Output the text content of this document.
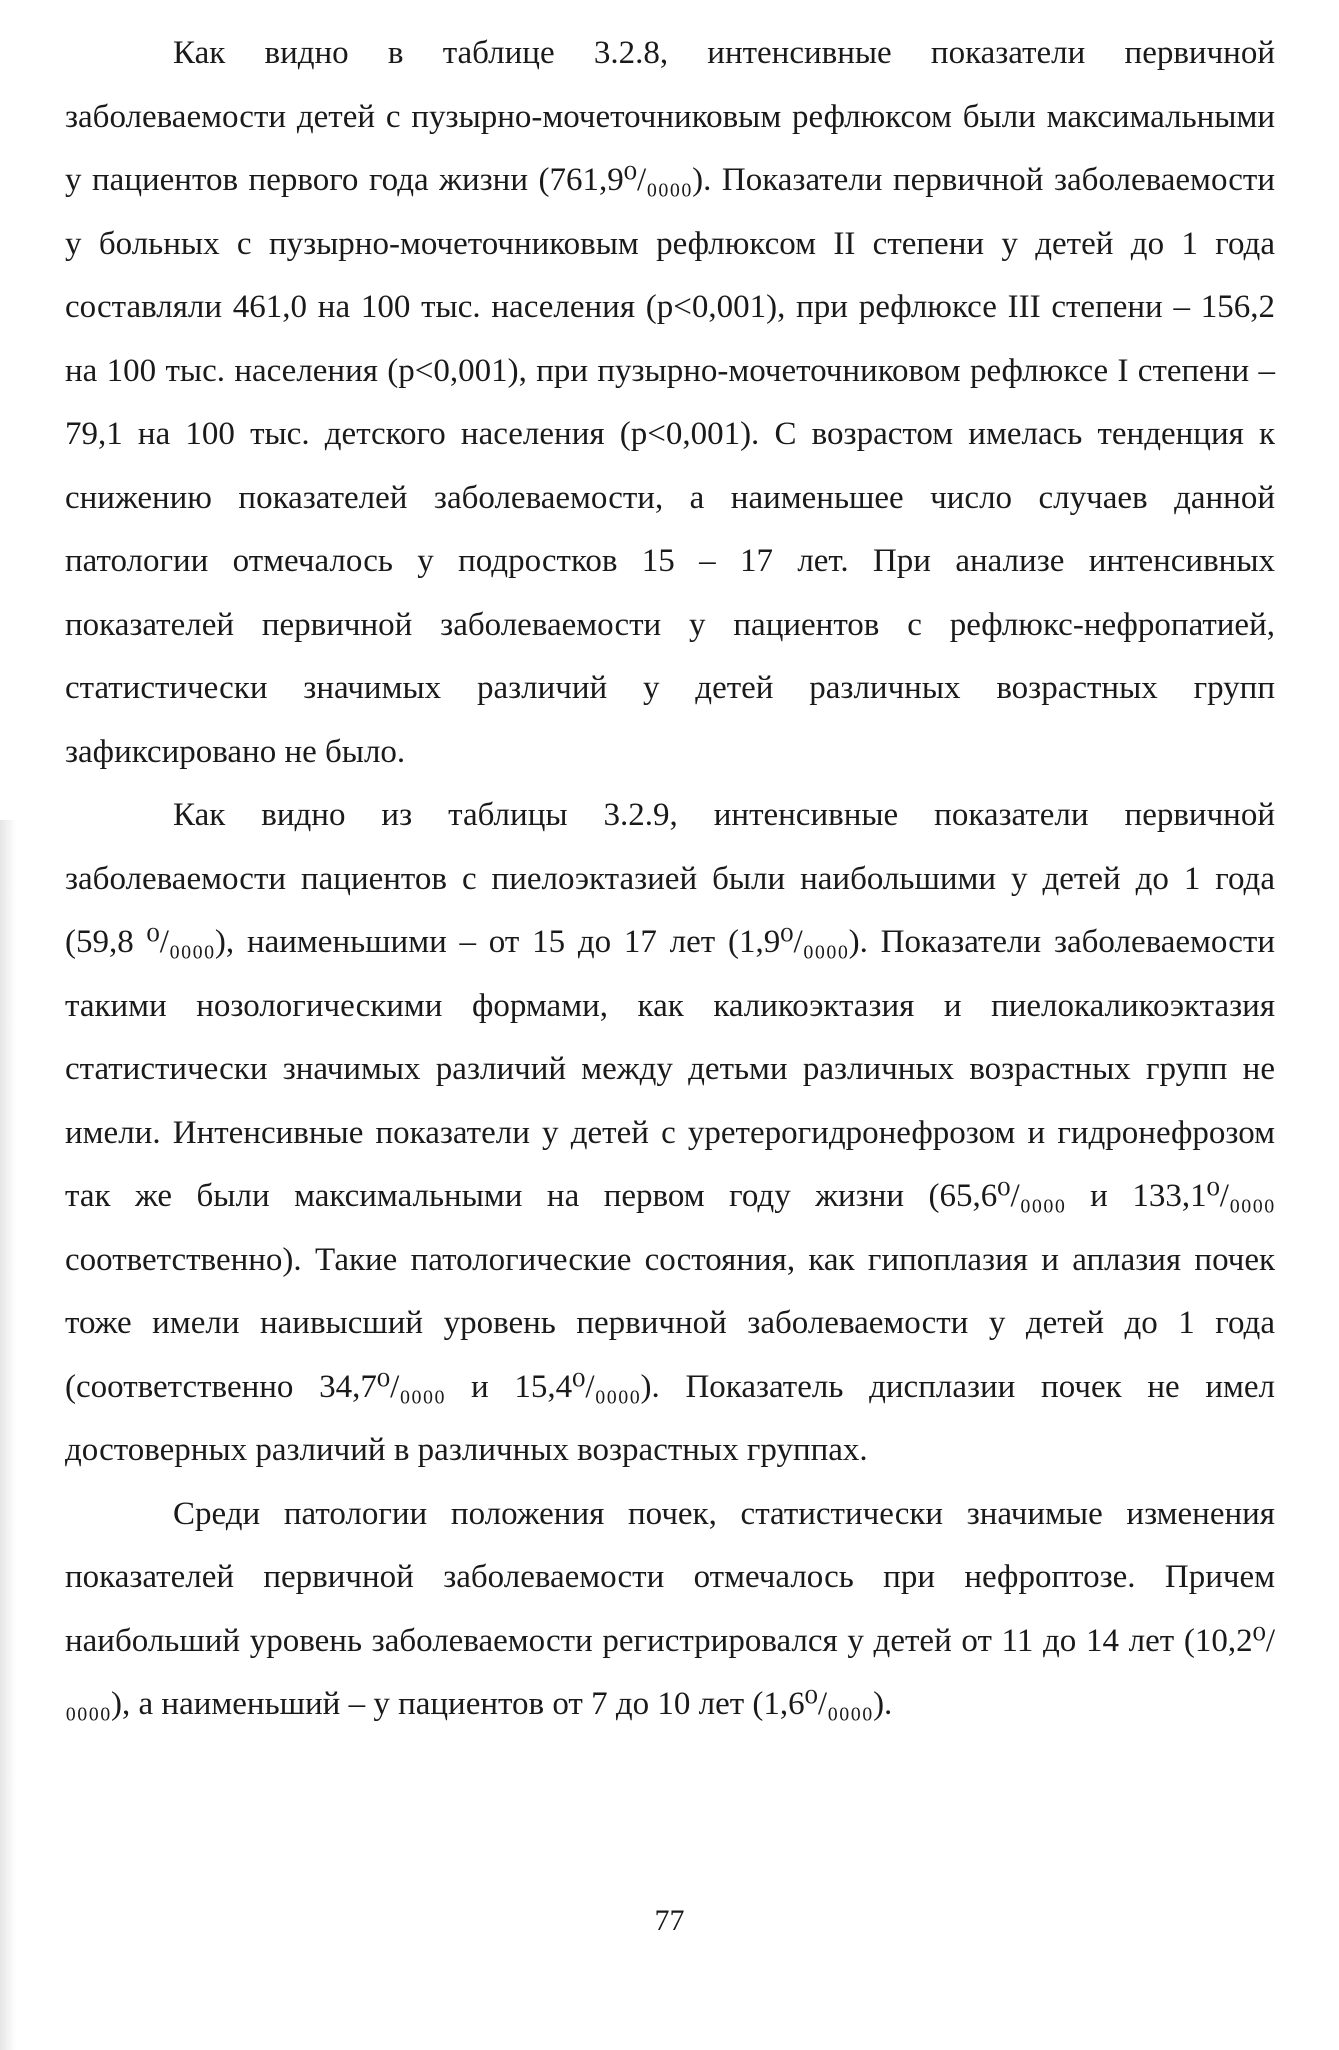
Как видно в таблице 3.2.8, интенсивные показатели первичной заболеваемости детей с пузырно-мочеточниковым рефлюксом были максимальными у пациентов первого года жизни (761,9⁰/₀₀₀₀). Показатели первичной заболеваемости у больных с пузырно-мочеточниковым рефлюксом II степени у детей до 1 года составляли 461,0 на 100 тыс. населения (р<0,001), при рефлюксе III степени – 156,2 на 100 тыс. населения (р<0,001), при пузырно-мочеточниковом рефлюксе I степени – 79,1 на 100 тыс. детского населения (р<0,001). С возрастом имелась тенденция к снижению показателей заболеваемости, а наименьшее число случаев данной патологии отмечалось у подростков 15 – 17 лет. При анализе интенсивных показателей первичной заболеваемости у пациентов с рефлюкс-нефропатией, статистически значимых различий у детей различных возрастных групп зафиксировано не было.

Как видно из таблицы 3.2.9, интенсивные показатели первичной заболеваемости пациентов с пиелоэктазией были наибольшими у детей до 1 года (59,8 ⁰/₀₀₀₀), наименьшими – от 15 до 17 лет (1,9⁰/₀₀₀₀). Показатели заболеваемости такими нозологическими формами, как каликоэктазия и пиелокаликоэктазия статистически значимых различий между детьми различных возрастных групп не имели. Интенсивные показатели у детей с уретерогидронефрозом и гидронефрозом так же были максимальными на первом году жизни (65,6⁰/₀₀₀₀ и 133,1⁰/₀₀₀₀ соответственно). Такие патологические состояния, как гипоплазия и аплазия почек тоже имели наивысший уровень первичной заболеваемости у детей до 1 года (соответственно 34,7⁰/₀₀₀₀ и 15,4⁰/₀₀₀₀). Показатель дисплазии почек не имел достоверных различий в различных возрастных группах.

Среди патологии положения почек, статистически значимые изменения показателей первичной заболеваемости отмечалось при нефроптозе. Причем наибольший уровень заболеваемости регистрировался у детей от 11 до 14 лет (10,2⁰/₀₀₀₀), а наименьший – у пациентов от 7 до 10 лет (1,6⁰/₀₀₀₀).

77
